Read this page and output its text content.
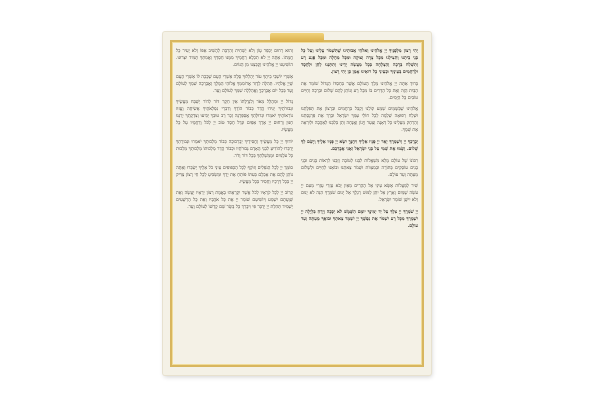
יְהִי רָצוֹן מִלְּפָנֶיךָ יְיָ אֱלֹהֵינוּ וֵאלֹהֵי אֲבוֹתֵינוּ שֶׁתִּשְׁמֹר עָלֵינוּ וְעַל כָּל בְּנֵי בֵיתֵנוּ וְתַצִּילֵנוּ מִכָּל צָרָה וְצוּקָה וּמִכָּל מַחֲלָה וּמִכָּל פֶּגַע רָע וְתִשְׁלַח בְּרָכָה וְהַצְלָחָה בְּכָל מַעֲשֵׂה יָדֵינוּ וְתִתְּנֵנוּ לְחֵן וּלְחֶסֶד וּלְרַחֲמִים בְּעֵינֶיךָ וּבְעֵינֵי כָל רוֹאֵינוּ אָמֵן כֵּן יְהִי רָצוֹן.

בָּרוּךְ אַתָּה יְיָ אֱלֹהֵינוּ מֶלֶךְ הָעוֹלָם אֲשֶׁר בְּחַסְדּוֹ הַגָּדוֹל שׁוֹמֵר אֶת הַבַּיִת הַזֶּה וְאֶת כָּל הַדָּרִים בּוֹ מִכָּל רָע וְנוֹתֵן לָהֶם שָׁלוֹם וּבְרָכָה וְחַיִּים טוֹבִים כָּל הַיָּמִים.

אֱלֹהֵינוּ שֶׁבַּשָּׁמַיִם שְׁמַע קוֹלֵנוּ וְקַבֵּל בְּרַחֲמִים וּבְרָצוֹן אֶת תְּפִלָּתֵנוּ וּשְׁלַח רְפוּאָה שְׁלֵמָה לְכָל חוֹלֵי עַמְּךָ יִשְׂרָאֵל וּבָרֵךְ אֶת פַּרְנָסָתֵנוּ וְהַרְחֵק מֵעָלֵינוּ כָּל דְּאָגָה וְצַעַר וְיָגוֹן וְאֲנָחָה וְתֵן בְּלִבֵּנוּ לְאַהֲבָה וּלְיִרְאָה אֶת שְׁמֶךָ.

יְבָרֶכְךָ יְיָ וְיִשְׁמְרֶךָ יָאֵר יְיָ פָּנָיו אֵלֶיךָ וִיחֻנֶּךָּ יִשָּׂא יְיָ פָּנָיו אֵלֶיךָ וְיָשֵׂם לְךָ שָׁלוֹם. וְשָׂמוּ אֶת שְׁמִי עַל בְּנֵי יִשְׂרָאֵל וַאֲנִי אֲבָרְכֵם.

רִבּוֹנוֹ שֶׁל עוֹלָם מָלֵא מִשְׁאֲלוֹת לִבֵּנוּ לְטוֹבָה וְזַכֵּנוּ לִרְאוֹת בָּנִים וּבְנֵי בָנִים עוֹסְקִים בַּתּוֹרָה וּבְמִצְווֹת וּשְׁמֹר צֵאתֵנוּ וּבוֹאֵנוּ לְחַיִּים וּלְשָׁלוֹם מֵעַתָּה וְעַד עוֹלָם.

שִׁיר לַמַּעֲלוֹת אֶשָּׂא עֵינַי אֶל הֶהָרִים מֵאַיִן יָבֹא עֶזְרִי עֶזְרִי מֵעִם יְיָ עֹשֵׂה שָׁמַיִם וָאָרֶץ אַל יִתֵּן לַמּוֹט רַגְלֶךָ אַל יָנוּם שֹׁמְרֶךָ הִנֵּה לֹא יָנוּם וְלֹא יִישָׁן שׁוֹמֵר יִשְׂרָאֵל.

יְיָ שֹׁמְרֶךָ יְיָ צִלְּךָ עַל יַד יְמִינֶךָ יוֹמָם הַשֶּׁמֶשׁ לֹא יַכֶּכָּה וְיָרֵחַ בַּלָּיְלָה יְיָ יִשְׁמָרְךָ מִכָּל רָע יִשְׁמֹר אֶת נַפְשֶׁךָ יְיָ יִשְׁמָר צֵאתְךָ וּבוֹאֶךָ מֵעַתָּה וְעַד עוֹלָם.

וְהוּא רַחוּם יְכַפֵּר עָוֹן וְלֹא יַשְׁחִית וְהִרְבָּה לְהָשִׁיב אַפּוֹ וְלֹא יָעִיר כָּל חֲמָתוֹ. אַתָּה יְיָ לֹא תִכְלָא רַחֲמֶיךָ מִמֶּנּוּ חַסְדְּךָ וַאֲמִתְּךָ תָּמִיד יִצְּרוּנוּ. הוֹשִׁיעֵנוּ יְיָ אֱלֹהֵינוּ וְקַבְּצֵנוּ מִן הַגּוֹיִם.

אַשְׁרֵי יוֹשְׁבֵי בֵיתֶךָ עוֹד יְהַלְלוּךָ סֶּלָה אַשְׁרֵי הָעָם שֶׁכָּכָה לּוֹ אַשְׁרֵי הָעָם שֶׁיְיָ אֱלֹהָיו. תְּהִלָּה לְדָוִד אֲרוֹמִמְךָ אֱלוֹהַי הַמֶּלֶךְ וַאֲבָרְכָה שִׁמְךָ לְעוֹלָם וָעֶד בְּכָל יוֹם אֲבָרְכֶךָּ וַאֲהַלְלָה שִׁמְךָ לְעוֹלָם וָעֶד.

גָּדוֹל יְיָ וּמְהֻלָּל מְאֹד וְלִגְדֻלָּתוֹ אֵין חֵקֶר דּוֹר לְדוֹר יְשַׁבַּח מַעֲשֶׂיךָ וּגְבוּרֹתֶיךָ יַגִּידוּ הֲדַר כְּבוֹד הוֹדֶךָ וְדִבְרֵי נִפְלְאֹתֶיךָ אָשִׂיחָה וֶעֱזוּז נוֹרְאוֹתֶיךָ יֹאמֵרוּ וּגְדוּלָּתְךָ אֲסַפְּרֶנָּה זֵכֶר רַב טוּבְךָ יַבִּיעוּ וְצִדְקָתְךָ יְרַנֵּנוּ חַנּוּן וְרַחוּם יְיָ אֶרֶךְ אַפַּיִם וּגְדָל חָסֶד טוֹב יְיָ לַכֹּל וְרַחֲמָיו עַל כָּל מַעֲשָׂיו.

יוֹדוּךָ יְיָ כָּל מַעֲשֶׂיךָ וַחֲסִידֶיךָ יְבָרְכוּכָה כְּבוֹד מַלְכוּתְךָ יֹאמֵרוּ וּגְבוּרָתְךָ יְדַבֵּרוּ לְהוֹדִיעַ לִבְנֵי הָאָדָם גְּבוּרֹתָיו וּכְבוֹד הֲדַר מַלְכוּתוֹ מַלְכוּתְךָ מַלְכוּת כָּל עֹלָמִים וּמֶמְשַׁלְתְּךָ בְּכָל דּוֹר וָדֹר.

סוֹמֵךְ יְיָ לְכָל הַנֹּפְלִים וְזוֹקֵף לְכָל הַכְּפוּפִים עֵינֵי כֹל אֵלֶיךָ יְשַׂבֵּרוּ וְאַתָּה נוֹתֵן לָהֶם אֶת אָכְלָם בְּעִתּוֹ פּוֹתֵחַ אֶת יָדֶךָ וּמַשְׂבִּיעַ לְכָל חַי רָצוֹן צַדִּיק יְיָ בְּכָל דְּרָכָיו וְחָסִיד בְּכָל מַעֲשָׂיו.

קָרוֹב יְיָ לְכָל קֹרְאָיו לְכֹל אֲשֶׁר יִקְרָאֻהוּ בֶאֱמֶת רְצוֹן יְרֵאָיו יַעֲשֶׂה וְאֶת שַׁוְעָתָם יִשְׁמַע וְיוֹשִׁיעֵם שׁוֹמֵר יְיָ אֶת כָּל אֹהֲבָיו וְאֵת כָּל הָרְשָׁעִים יַשְׁמִיד תְּהִלַּת יְיָ יְדַבֶּר פִּי וִיבָרֵךְ כָּל בָּשָׂר שֵׁם קָדְשׁוֹ לְעוֹלָם וָעֶד.
